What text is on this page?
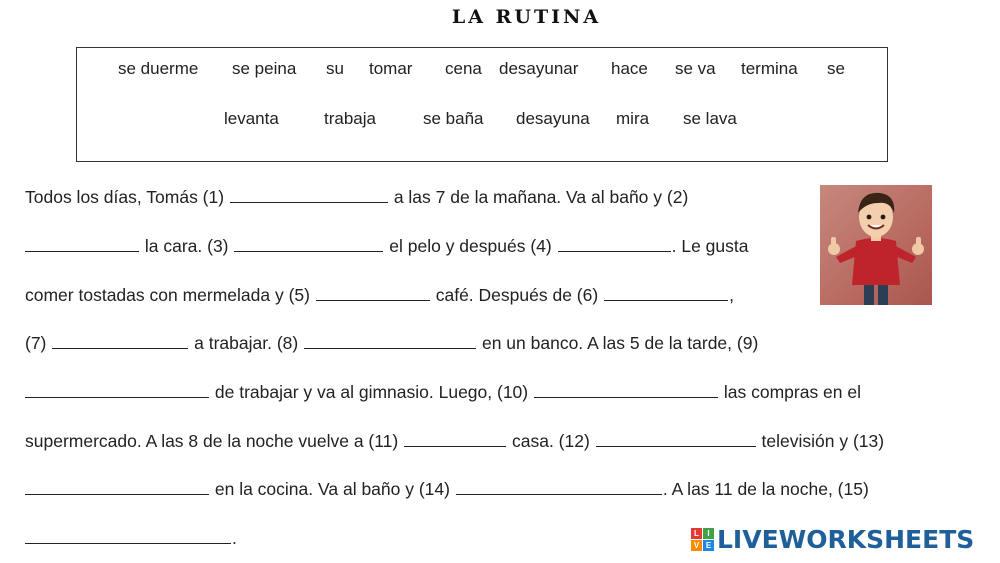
LA RUTINA
se duerme se peina su tomar cena desayunar hace se va termina se
levanta	trabaja	se baña desayuna mira se lava
Todos los días, Tomás (1)	a las 7 de la mañana. Va al baño y (2)
la cara. (3)	el pelo y después (4)	. Le gusta
comer tostadas con mermelada y (5)	café. Después de (6)	,
(7)	a trabajar. (8)	en un banco. A las 5 de la tarde, (9)
de trabajar y va al gimnasio. Luego, (10)	las compras en el
supermercado. A las 8 de la noche vuelve a (11)	casa. (12)	televisión y (13)
en la cocina. Va al baño y (14)	. A las 11 de la noche, (15)
.	L	I
V E LIVEWORKSHEETS
